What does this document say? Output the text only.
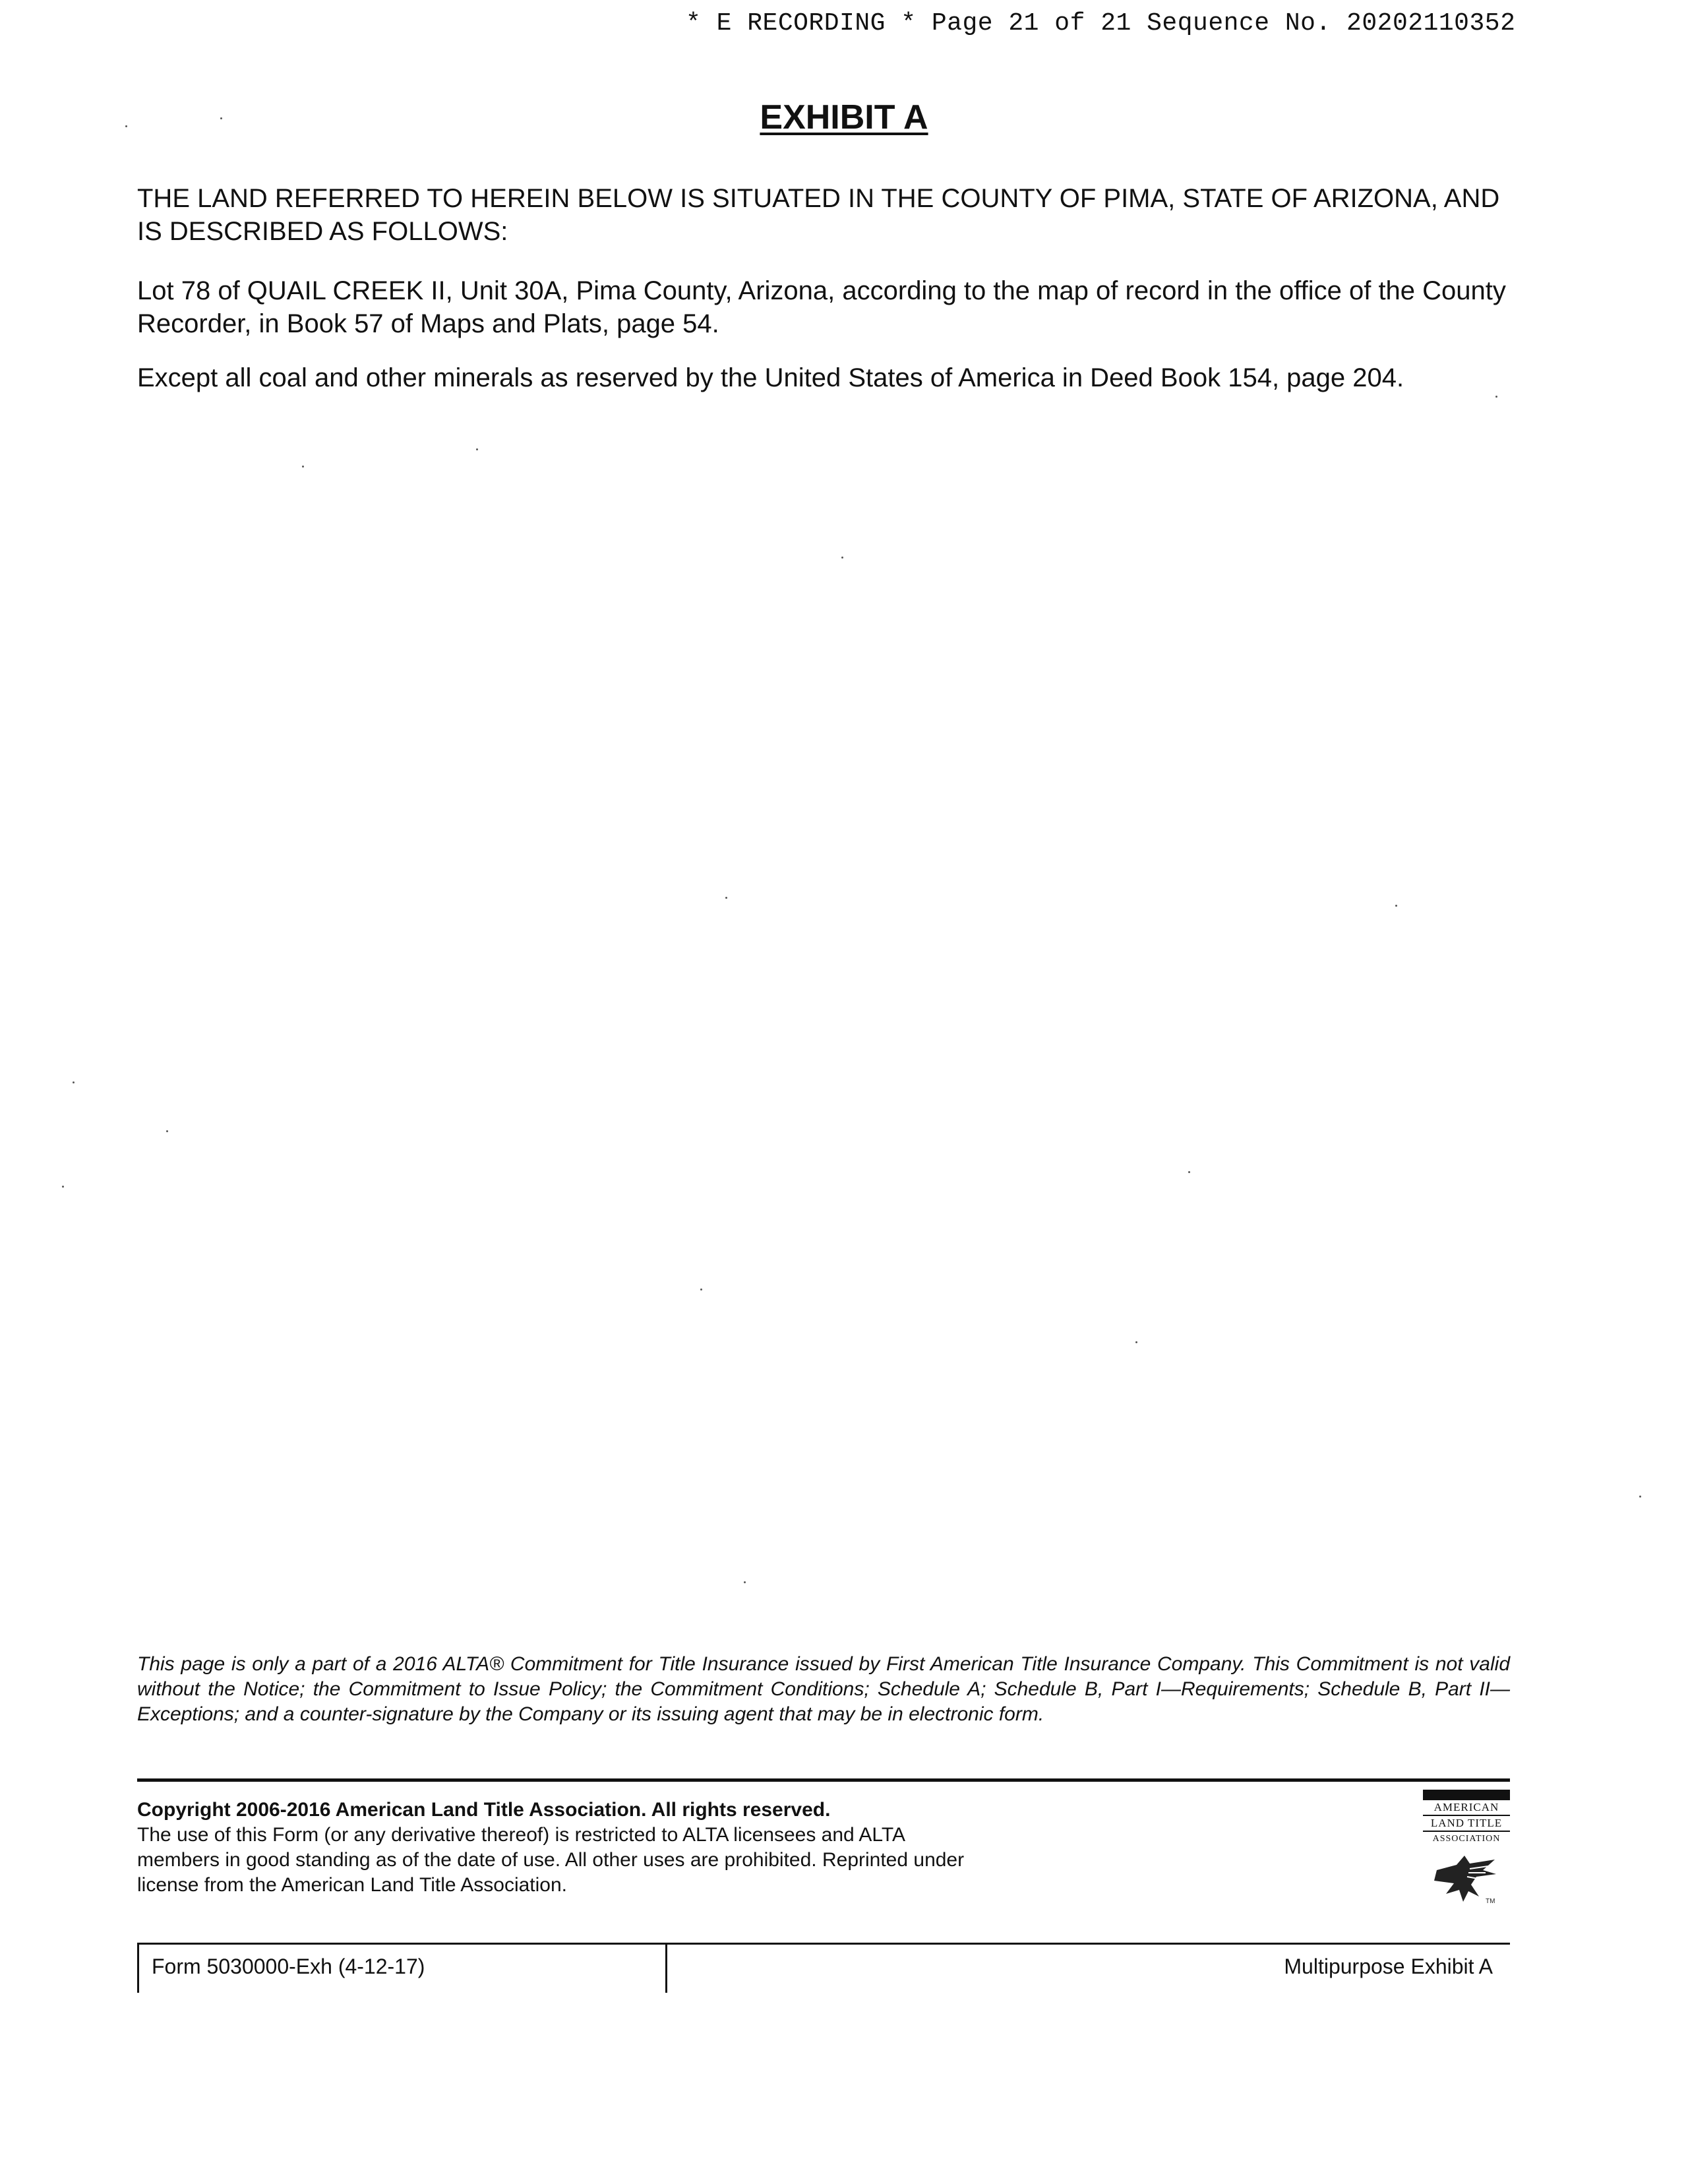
* E RECORDING * Page 21 of 21 Sequence No. 20202110352
EXHIBIT A
THE LAND REFERRED TO HEREIN BELOW IS SITUATED IN THE COUNTY OF PIMA, STATE OF ARIZONA, AND IS DESCRIBED AS FOLLOWS:
Lot 78 of QUAIL CREEK II, Unit 30A, Pima County, Arizona, according to the map of record in the office of the County Recorder, in Book 57 of Maps and Plats, page 54.
Except all coal and other minerals as reserved by the United States of America in Deed Book 154, page 204.
This page is only a part of a 2016 ALTA® Commitment for Title Insurance issued by First American Title Insurance Company. This Commitment is not valid without the Notice; the Commitment to Issue Policy; the Commitment Conditions; Schedule A; Schedule B, Part I—Requirements; Schedule B, Part II—Exceptions; and a counter-signature by the Company or its issuing agent that may be in electronic form.
Copyright 2006-2016 American Land Title Association. All rights reserved.
The use of this Form (or any derivative thereof) is restricted to ALTA licensees and ALTA members in good standing as of the date of use. All other uses are prohibited. Reprinted under license from the American Land Title Association.
AMERICAN
LAND TITLE
ASSOCIATION
TM
Form 5030000-Exh (4-12-17)	Multipurpose Exhibit A
